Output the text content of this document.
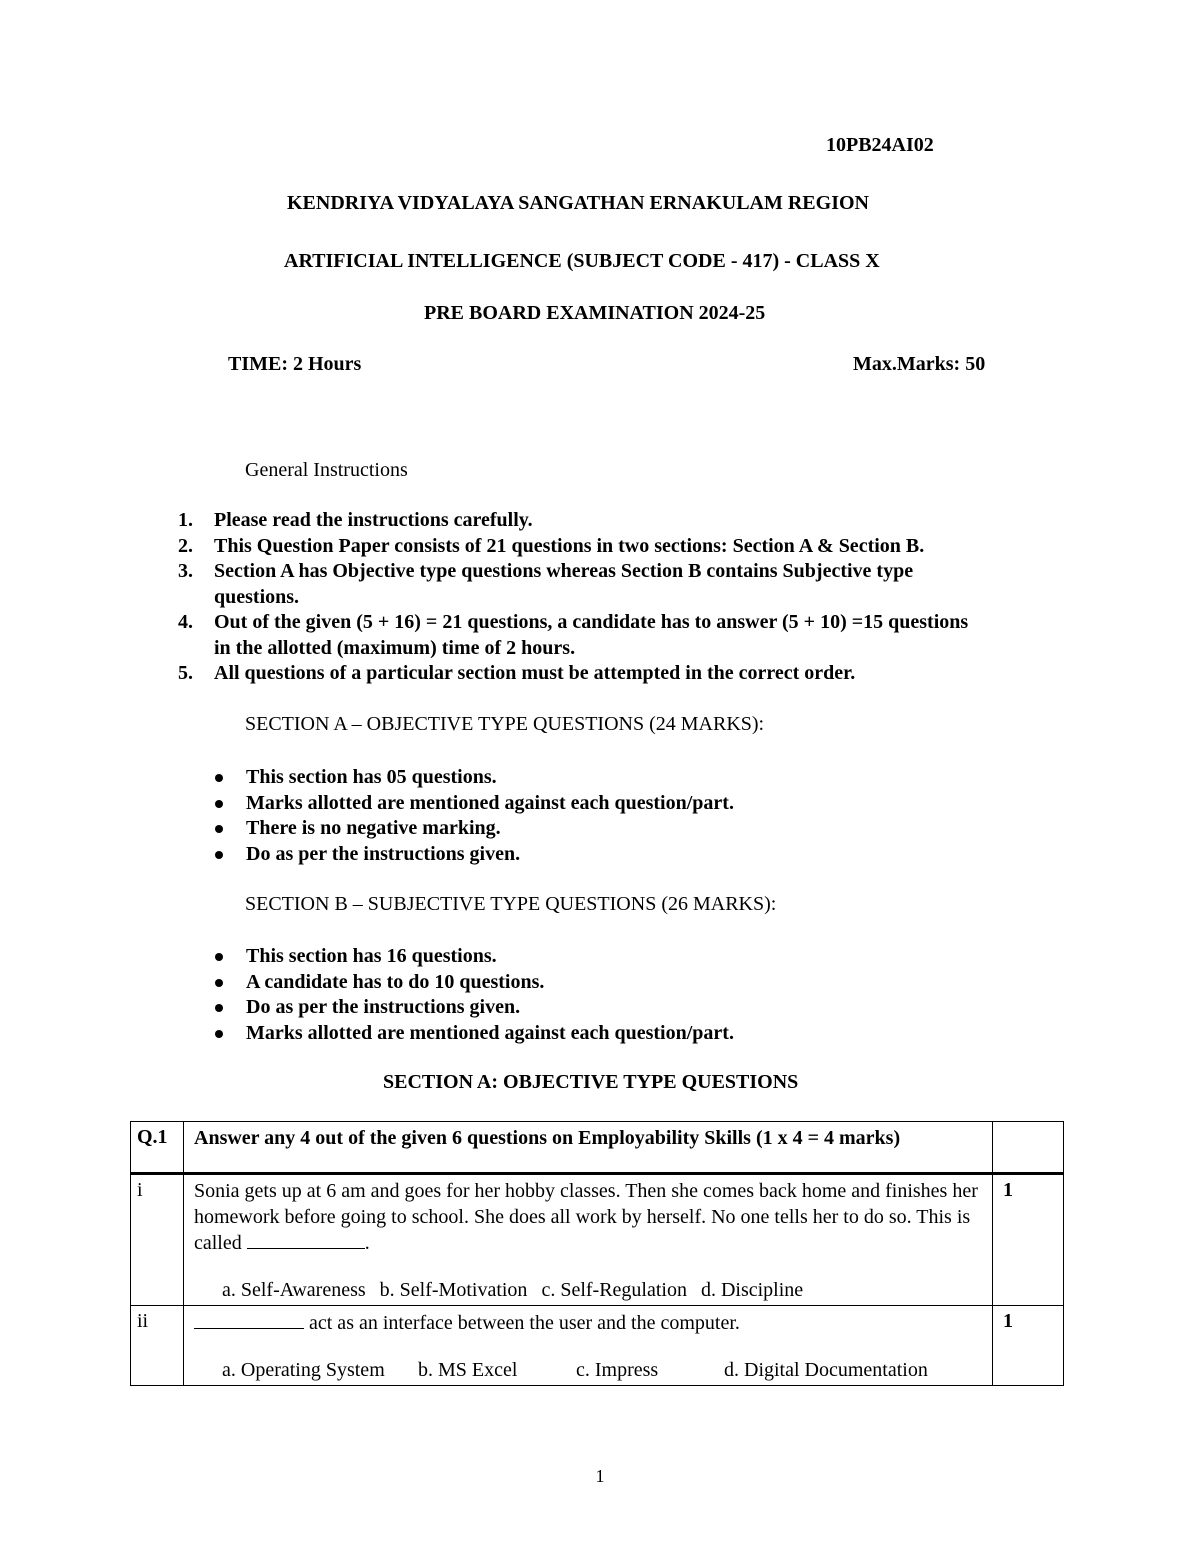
10PB24AI02
KENDRIYA VIDYALAYA SANGATHAN ERNAKULAM REGION
ARTIFICIAL INTELLIGENCE (SUBJECT CODE - 417) - CLASS X
PRE BOARD EXAMINATION 2024-25
TIME: 2 Hours	Max.Marks: 50
General Instructions
1. Please read the instructions carefully.
2. This Question Paper consists of 21 questions in two sections: Section A & Section B.
3. Section A has Objective type questions whereas Section B contains Subjective type questions.
4. Out of the given (5 + 16) = 21 questions, a candidate has to answer (5 + 10) =15 questions in the allotted (maximum) time of 2 hours.
5. All questions of a particular section must be attempted in the correct order.
SECTION A – OBJECTIVE TYPE QUESTIONS (24 MARKS):
This section has 05 questions.
Marks allotted are mentioned against each question/part.
There is no negative marking.
Do as per the instructions given.
SECTION B – SUBJECTIVE TYPE QUESTIONS (26 MARKS):
This section has 16 questions.
A candidate has to do 10 questions.
Do as per the instructions given.
Marks allotted are mentioned against each question/part.
SECTION A: OBJECTIVE TYPE QUESTIONS
Q.1	Answer any 4 out of the given 6 questions on Employability Skills (1 x 4 = 4 marks)	

i	Sonia gets up at 6 am and goes for her hobby classes. Then she comes back home and finishes her homework before going to school. She does all work by herself. No one tells her to do so. This is called .
a. Self-Awareness b. Self-Motivation c. Self-Regulation d. Discipline	1

ii	act as an interface between the user and the computer.
a. Operating System b. MS Excel c. Impress d. Digital Documentation	1
1
